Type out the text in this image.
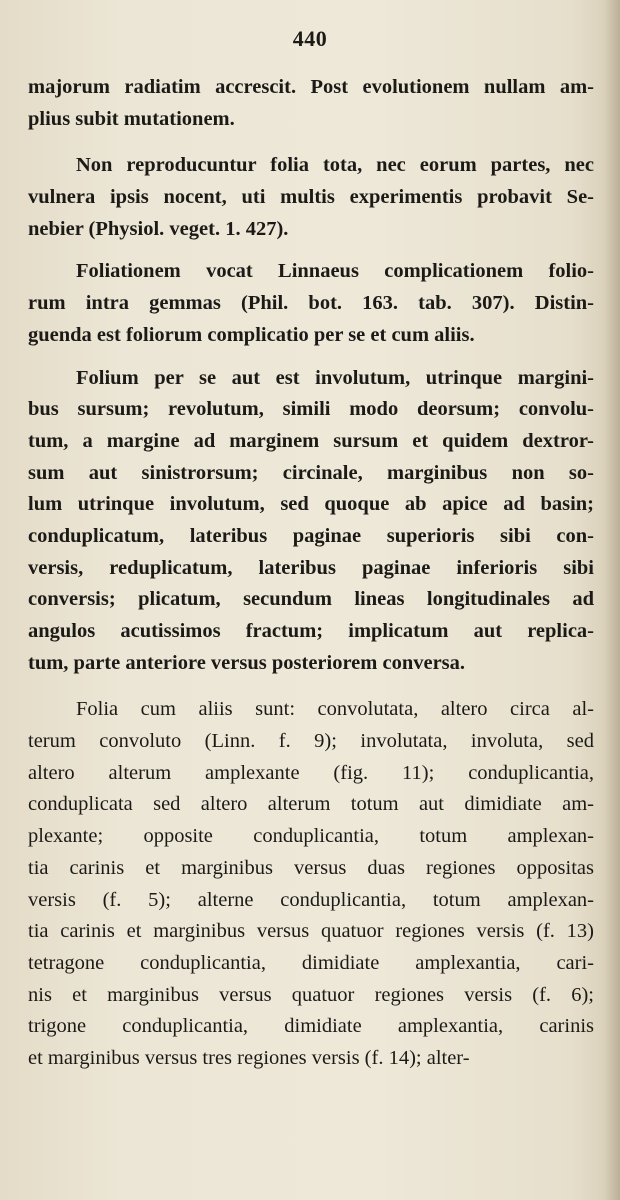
440
majorum radiatim accrescit. Post evolutionem nullam am-
plius subit mutationem.
Non reproducuntur folia tota, nec eorum partes, nec
vulnera ipsis nocent, uti multis experimentis probavit Se-
nebier (Physiol. veget. 1. 427).
Foliationem vocat Linnaeus complicationem folio-
rum intra gemmas (Phil. bot. 163. tab. 307). Distin-
guenda est foliorum complicatio per se et cum aliis.
Folium per se aut est involutum, utrinque margini-
bus sursum; revolutum, simili modo deorsum; convolu-
tum, a margine ad marginem sursum et quidem dextror-
sum aut sinistrorsum; circinale, marginibus non so-
lum utrinque involutum, sed quoque ab apice ad basin;
conduplicatum, lateribus paginae superioris sibi con-
versis, reduplicatum, lateribus paginae inferioris sibi
conversis; plicatum, secundum lineas longitudinales ad
angulos acutissimos fractum; implicatum aut replica-
tum, parte anteriore versus posteriorem conversa.
Folia cum aliis sunt: convolutata, altero circa al-
terum convoluto (Linn. f. 9); involutata, involuta, sed
altero alterum amplexante (fig. 11); conduplicantia,
conduplicata sed altero alterum totum aut dimidiate am-
plexante; opposite conduplicantia, totum amplexan-
tia carinis et marginibus versus duas regiones oppositas
versis (f. 5); alterne conduplicantia, totum amplexan-
tia carinis et marginibus versus quatuor regiones versis (f. 13)
tetragone conduplicantia, dimidiate amplexantia, cari-
nis et marginibus versus quatuor regiones versis (f. 6);
trigone conduplicantia, dimidiate amplexantia, carinis
et marginibus versus tres regiones versis (f. 14); alter-
